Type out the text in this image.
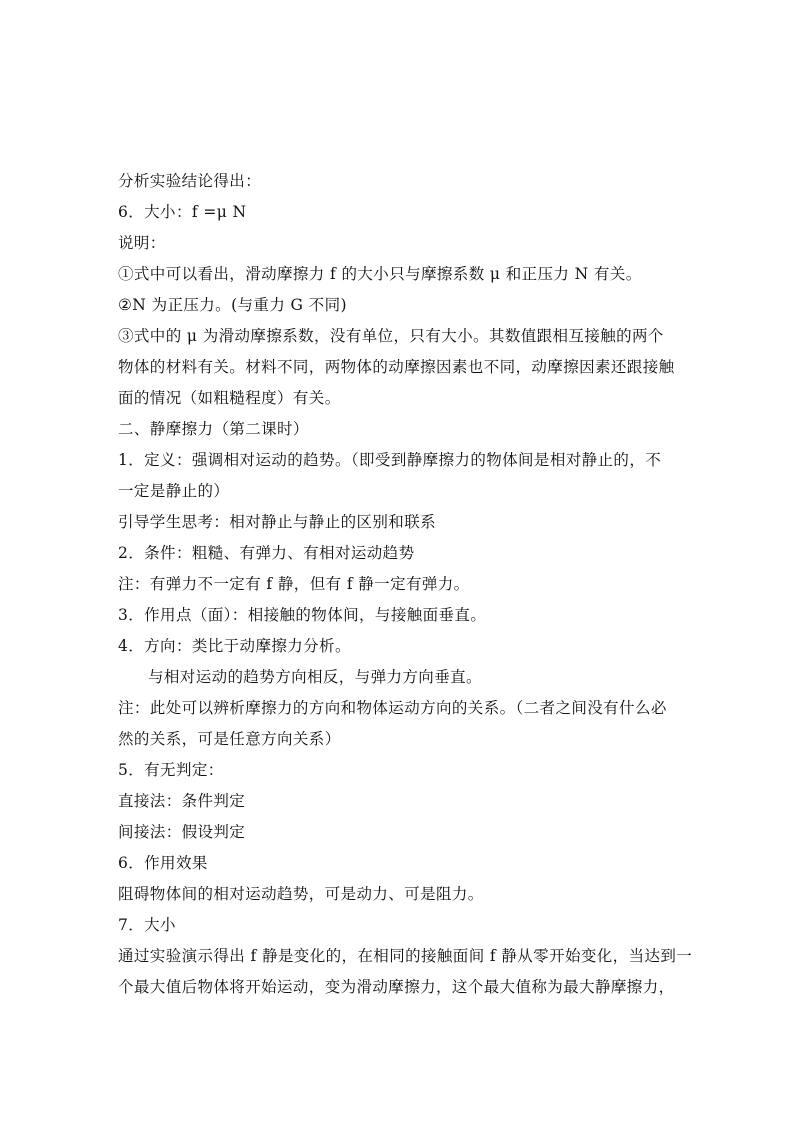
分析实验结论得出：
6．大小：f =μ N
说明：
①式中可以看出，滑动摩擦力 f 的大小只与摩擦系数 μ 和正压力 N 有关。
②N 为正压力。(与重力 G 不同)
③式中的 μ 为滑动摩擦系数，没有单位，只有大小。其数值跟相互接触的两个
物体的材料有关。材料不同，两物体的动摩擦因素也不同，动摩擦因素还跟接触
面的情况（如粗糙程度）有关。
二、静摩擦力（第二课时）
1．定义：强调相对运动的趋势。（即受到静摩擦力的物体间是相对静止的，不
一定是静止的）
引导学生思考：相对静止与静止的区别和联系
2．条件：粗糙、有弹力、有相对运动趋势
注：有弹力不一定有 f 静，但有 f 静一定有弹力。
3．作用点（面）：相接触的物体间，与接触面垂直。
4．方向：类比于动摩擦力分析。
与相对运动的趋势方向相反，与弹力方向垂直。
注：此处可以辨析摩擦力的方向和物体运动方向的关系。（二者之间没有什么必
然的关系，可是任意方向关系）
5．有无判定：
直接法：条件判定
间接法：假设判定
6．作用效果
阻碍物体间的相对运动趋势，可是动力、可是阻力。
7．大小
通过实验演示得出 f 静是变化的，在相同的接触面间 f 静从零开始变化，当达到一
个最大值后物体将开始运动，变为滑动摩擦力，这个最大值称为最大静摩擦力，
